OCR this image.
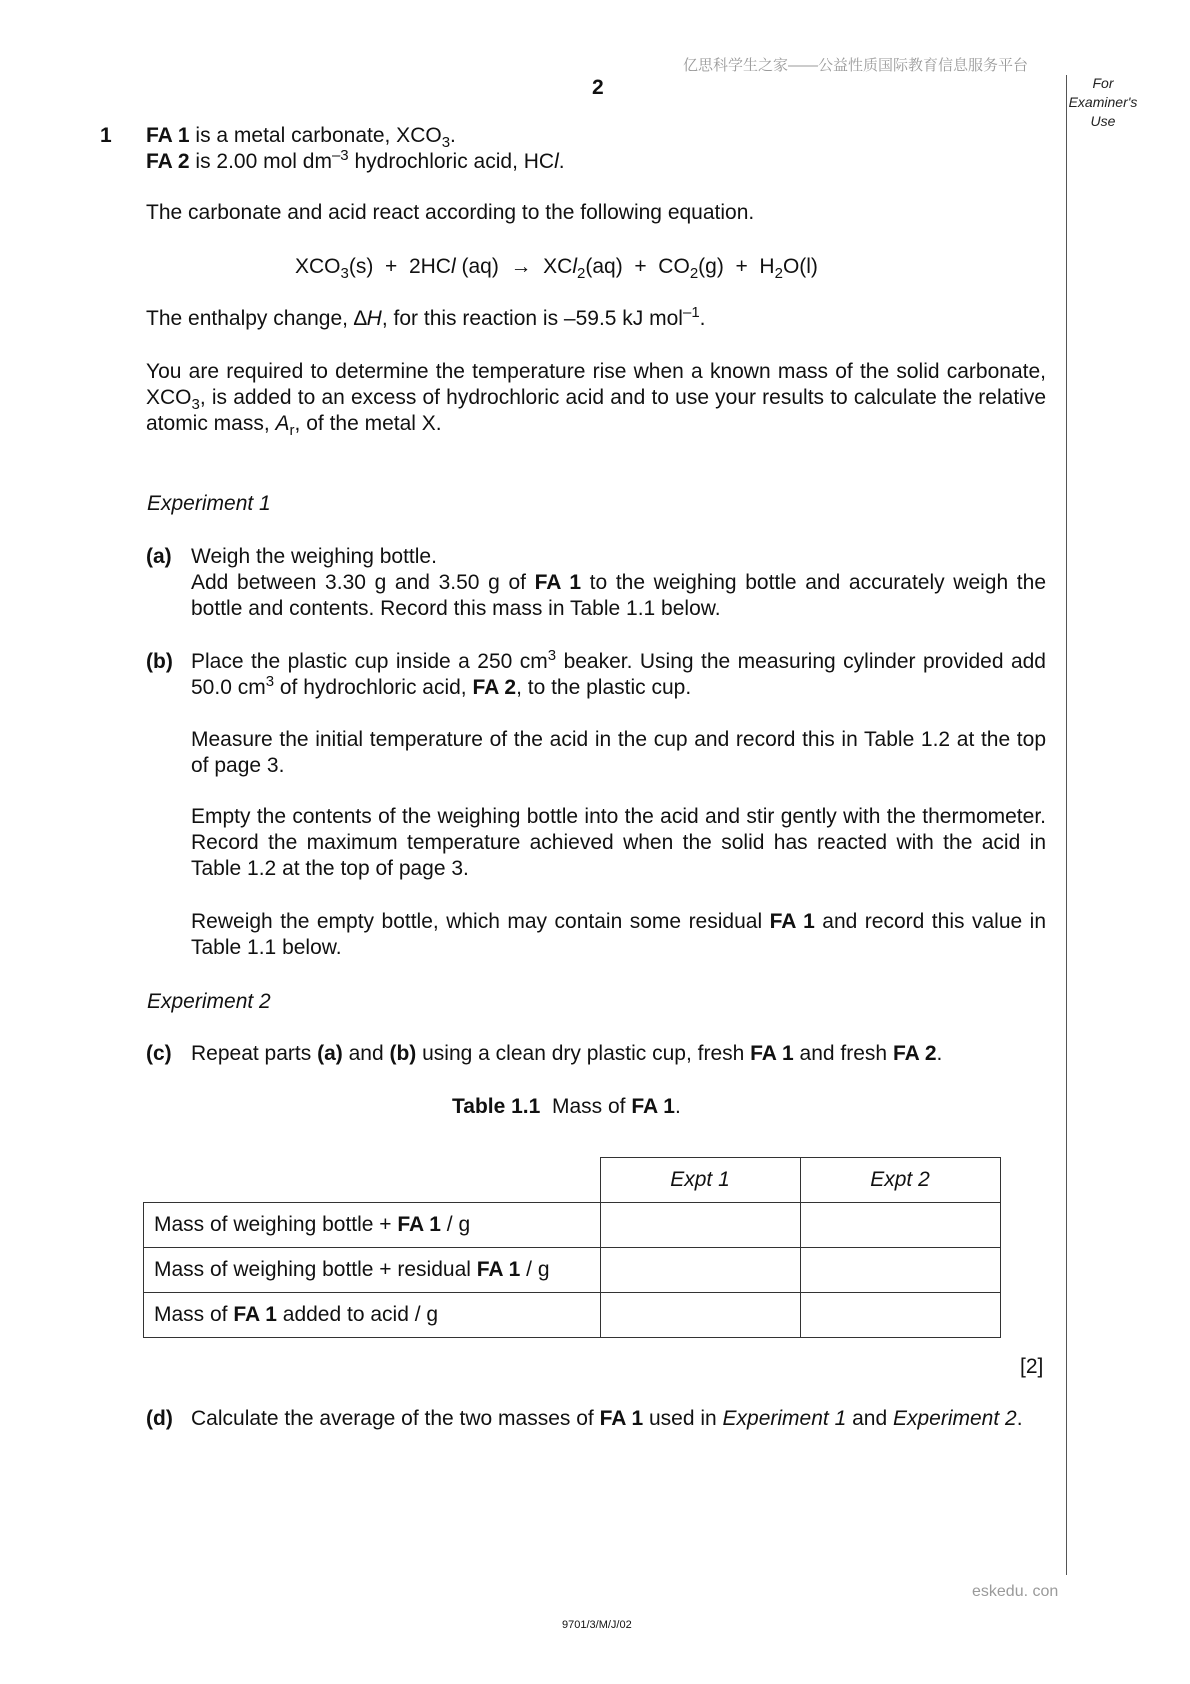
亿思科学生之家——公益性质国际教育信息服务平台
2	For
Examiner's
Use
1 FA 1 is a metal carbonate, $XCO_3$.
FA 2 is 2.00 mol $dm^{-3}$ hydrochloric acid, HCl.
The carbonate and acid react according to the following equation.
$XCO_3(s) + 2HCl$ $(aq) \to XCl_2(aq) + CO_2(g) + H_2O(l)$
The enthalpy change, ∆H, for this reaction is –59.5 kJ mol$^{-1}$.
You are required to determine the temperature rise when a known mass of the solid carbonate, $XCO_3$, is added to an excess of hydrochloric acid and to use your results to calculate the relative atomic mass, $A_r$, of the metal X.
Experiment 1
(a) Weigh the weighing bottle.
Add between 3.30 g and 3.50 g of FA 1 to the weighing bottle and accurately weigh the bottle and contents. Record this mass in Table 1.1 below.
(b) Place the plastic cup inside a 250 $cm^3$ beaker. Using the measuring cylinder provided add 50.0 $cm^3$ of hydrochloric acid, FA 2, to the plastic cup.
Measure the initial temperature of the acid in the cup and record this in Table 1.2 at the top of page 3.
Empty the contents of the weighing bottle into the acid and stir gently with the thermometer. Record the maximum temperature achieved when the solid has reacted with the acid in Table 1.2 at the top of page 3.
Reweigh the empty bottle, which may contain some residual FA 1 and record this value in Table 1.1 below.
Experiment 2
(c) Repeat parts (a) and (b) using a clean dry plastic cup, fresh FA 1 and fresh FA 2.
Table 1.1  Mass of FA 1.
	Expt 1	Expt 2
Mass of weighing bottle + FA 1 / g		
Mass of weighing bottle + residual FA 1 / g		
Mass of FA 1 added to acid / g		
[2]
(d) Calculate the average of the two masses of FA 1 used in Experiment 1 and Experiment 2.
eskedu. con
9701/3/M/J/02
